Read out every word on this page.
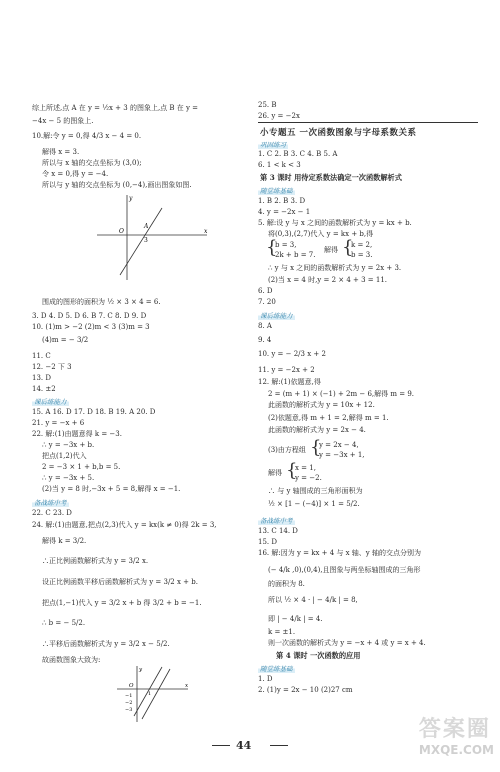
综上所述,点 A 在 y = ½x + 3 的图象上,点 B 在 y =
−4x − 5 的图象上.
10.解:令 y = 0,得 4/3 x − 4 = 0.
解得 x = 3.
所以与 x 轴的交点坐标为 (3,0);
令 x = 0,得 y = −4.
所以与 y 轴的交点坐标为 (0,−4),画出图象如图.
y
x
O
A
3
围成的图形的面积为 ½ × 3 × 4 = 6.
3. D 4. D 5. D 6. B 7. C 8. D 9. D
10. (1)m > −2 (2)m < 3 (3)m = 3
(4)m = − 3/2
11. C
12. −2 下 3
13. D
14. ±2
课后练能力
15. A 16. D 17. D 18. B 19. A 20. D
21. y = −x + 6
22. 解:(1)由题意得 k = −3.
∴ y = −3x + b.
把点(1,2)代入
2 = −3 × 1 + b,b = 5.
∴ y = −3x + 5.
(2)当 y = 8 时,−3x + 5 = 8,解得 x = −1.
备战练中考
22. C 23. D
24. 解:(1)由题意,把点(2,3)代入 y = kx(k ≠ 0)得 2k = 3,
解得 k = 3/2.
∴正比例函数解析式为 y = 3/2 x.
设正比例函数平移后函数解析式为 y = 3/2 x + b.
把点(1,−1)代入 y = 3/2 x + b 得 3/2 + b = −1.
∴ b = − 5/2.
∴平移后函数解析式为 y = 3/2 x − 5/2.
故函数图象大致为:
y
x
O
−1
−2
−3
1
25. B
26. y = −2x
小专题五 一次函数图象与字母系数关系
巩固练习
1. C 2. B 3. C 4. B 5. A
6. 1 < k < 3
第 3 课时 用待定系数法确定一次函数解析式
随堂练基础
1. B 2. B 3. D
4. y = −2x − 1
5. 解:设 y 与 x 之间的函数解析式为 y = kx + b.
将(0,3),(2,7)代入 y = kx + b,得
{
b = 3,
2k + b = 7.
解得 {
k = 2,
b = 3.
∴ y 与 x 之间的函数解析式为 y = 2x + 3.
(2)当 x = 4 时,y = 2 × 4 + 3 = 11.
6. D
7. 20
课后练能力
8. A
9. 4
10. y = − 2/3 x + 2
11. y = −2x + 2
12. 解:(1)依题意,得
2 = (m + 1) × (−1) + 2m − 6,解得 m = 9.
此函数的解析式为 y = 10x + 12.
(2)依题意,得 m + 1 = 2,解得 m = 1.
此函数的解析式为 y = 2x − 4.
(3)由方程组 {
y = 2x − 4,
y = −3x + 1,
解得 {
x = 1,
y = −2.
∴ 与 y 轴围成的三角形面积为
½ × [1 − (−4)] × 1 = 5/2.
备战练中考
13. C 14. D
15. D
16. 解:因为 y = kx + 4 与 x 轴、y 轴的交点分别为
(− 4/k ,0),(0,4),且图象与两坐标轴围成的三角形
的面积为 8.
所以 ½ × 4 · | − 4/k | = 8,
即 | − 4/k | = 4.
k = ±1.
则一次函数的解析式为 y = −x + 4 或 y = x + 4.
第 4 课时 一次函数的应用
随堂练基础
1. D
2. (1)y = 2x − 10 (2)27 cm
44
答案圈
MXQE.COM
